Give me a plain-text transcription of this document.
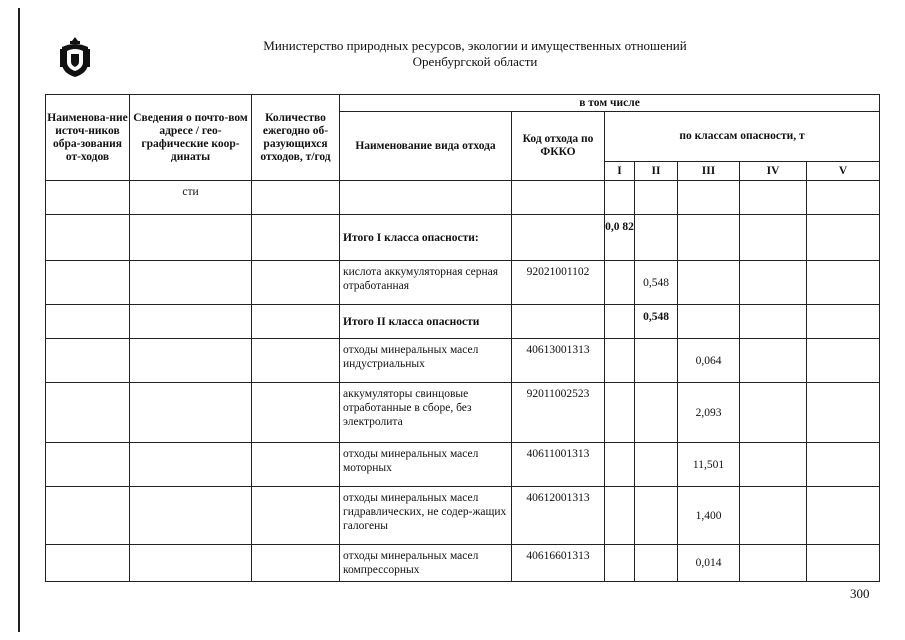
Министерство природных ресурсов, экологии и имущественных отношений
Оренбургской области
Наименова-ние источ-ников обра-зования от-ходов	Сведения о почто-вом адресе / гео-графические коор-динаты	Количество ежегодно об-разующихся отходов, т/год	в том числе						
			Наименование вида отхода	Код отхода по ФККО	по классам опасности, т				
					I	II	III	IV	V
	сти								
			Итого I класса опасности:		0,0 82				
			кислота аккумуляторная серная отработанная	92021001102		0,548			
			Итого II класса опасности			0,548			
			отходы минеральных масел индустриальных	40613001313			0,064		
			аккумуляторы свинцовые отработанные в сборе, без электролита	92011002523			2,093		
			отходы минеральных масел моторных	40611001313			11,501		
			отходы минеральных масел гидравлических, не содер-жащих галогены	40612001313			1,400		
			отходы минеральных масел компрессорных	40616601313			0,014		
300
